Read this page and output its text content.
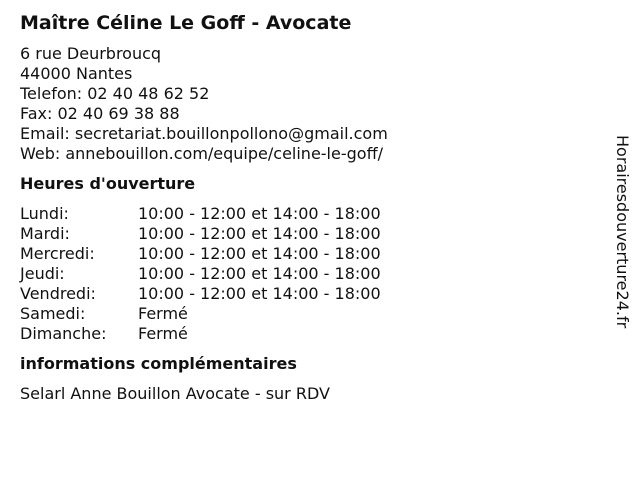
Maître Céline Le Goff - Avocate
6 rue Deurbroucq
44000 Nantes
Telefon: 02 40 48 62 52
Fax: 02 40 69 38 88
Email: secretariat.bouillonpollono@gmail.com
Web: annebouillon.com/equipe/celine-le-goff/
Heures d'ouverture
Lundi:	10:00 - 12:00 et 14:00 - 18:00
Mardi:	10:00 - 12:00 et 14:00 - 18:00
Mercredi:	10:00 - 12:00 et 14:00 - 18:00
Jeudi:	10:00 - 12:00 et 14:00 - 18:00
Vendredi:	10:00 - 12:00 et 14:00 - 18:00
Samedi:	Fermé
Dimanche:	Fermé
informations complémentaires
Selarl Anne Bouillon Avocate - sur RDV
Horairesdouverture24.fr
